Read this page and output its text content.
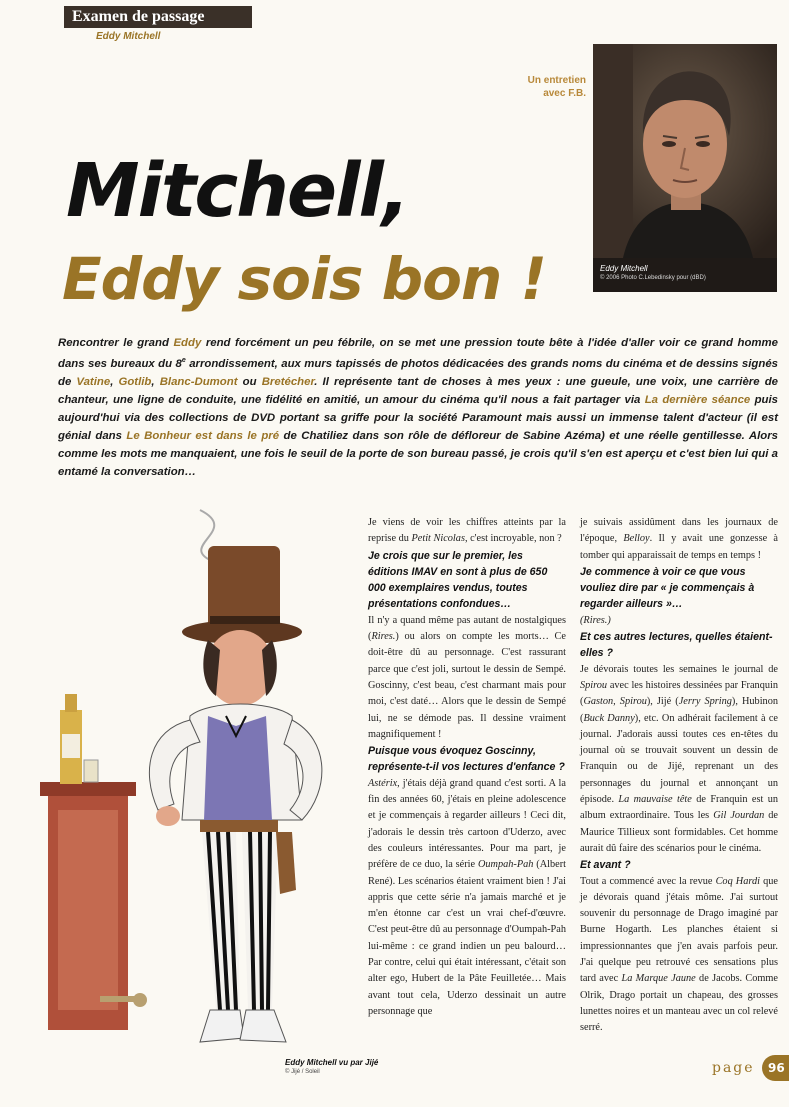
Examen de passage
Eddy Mitchell
Un entretien
avec F.B.
Eddy Mitchell
© 2006 Photo C.Lebedinsky pour (dBD)
Mitchell,
Eddy sois bon !
Rencontrer le grand Eddy rend forcément un peu fébrile, on se met une pression toute bête à l'idée d'aller voir ce grand homme dans ses bureaux du 8e arrondissement, aux murs tapissés de photos dédicacées des grands noms du cinéma et de dessins signés de Vatine, Gotlib, Blanc-Dumont ou Bretécher. Il représente tant de choses à mes yeux : une gueule, une voix, une carrière de chanteur, une ligne de conduite, une fidélité en amitié, un amour du cinéma qu'il nous a fait partager via La dernière séance puis aujourd'hui via des collections de DVD portant sa griffe pour la société Paramount mais aussi un immense talent d'acteur (il est génial dans Le Bonheur est dans le pré de Chatiliez dans son rôle de défloreur de Sabine Azéma) et une réelle gentillesse. Alors comme les mots me manquaient, une fois le seuil de la porte de son bureau passé, je crois qu'il s'en est aperçu et c'est bien lui qui a entamé la conversation…
Eddy Mitchell vu par Jijé
© Jijé / Soleil

Je viens de voir les chiffres atteints par la reprise du Petit Nicolas, c'est incroyable, non ?

Je crois que sur le premier, les éditions IMAV en sont à plus de 650 000 exemplaires vendus, toutes présentations confondues…

Il n'y a quand même pas autant de nostalgiques (Rires.) ou alors on compte les morts… Ce doit-être dû au personnage. C'est rassurant parce que c'est joli, surtout le dessin de Sempé. Goscinny, c'est beau, c'est charmant mais pour moi, c'est daté… Alors que le dessin de Sempé lui, ne se démode pas. Il dessine vraiment magnifiquement !

Puisque vous évoquez Goscinny, représente-t-il vos lectures d'enfance ?

Astérix, j'étais déjà grand quand c'est sorti. A la fin des années 60, j'étais en pleine adolescence et je commençais à regarder ailleurs ! Ceci dit, j'adorais le dessin très cartoon d'Uderzo, avec des couleurs intéressantes. Pour ma part, je préfère de ce duo, la série Oumpah-Pah (Albert René). Les scénarios étaient vraiment bien ! J'ai appris que cette série n'a jamais marché et je m'en étonne car c'est un vrai chef-d'œuvre. C'est peut-être dû au personnage d'Oumpah-Pah lui-même : ce grand indien un peu balourd… Par contre, celui qui était intéressant, c'était son alter ego, Hubert de la Pâte Feuilletée… Mais avant tout cela, Uderzo dessinait un autre personnage que

je suivais assidûment dans les journaux de l'époque, Belloy. Il y avait une gonzesse à tomber qui apparaissait de temps en temps !

Je commence à voir ce que vous vouliez dire par « je commençais à regarder ailleurs »…

(Rires.)

Et ces autres lectures, quelles étaient-elles ?

Je dévorais toutes les semaines le journal de Spirou avec les histoires dessinées par Franquin (Gaston, Spirou), Jijé (Jerry Spring), Hubinon (Buck Danny), etc. On adhérait facilement à ce journal. J'adorais aussi toutes ces en-têtes du journal où se trouvait souvent un dessin de Franquin ou de Jijé, reprenant un des personnages du journal et annonçant un épisode. La mauvaise tête de Franquin est un album extraordinaire. Tous les Gil Jourdan de Maurice Tillieux sont formidables. Cet homme aurait dû faire des scénarios pour le cinéma.

Et avant ?

Tout a commencé avec la revue Coq Hardi que je dévorais quand j'étais môme. J'ai surtout souvenir du personnage de Drago imaginé par Burne Hogarth. Les planches étaient si impressionnantes que j'en avais parfois peur. J'ai quelque peu retrouvé ces sensations plus tard avec La Marque Jaune de Jacobs. Comme Olrik, Drago portait un chapeau, des grosses lunettes noires et un manteau avec un col relevé serré.

page	96
